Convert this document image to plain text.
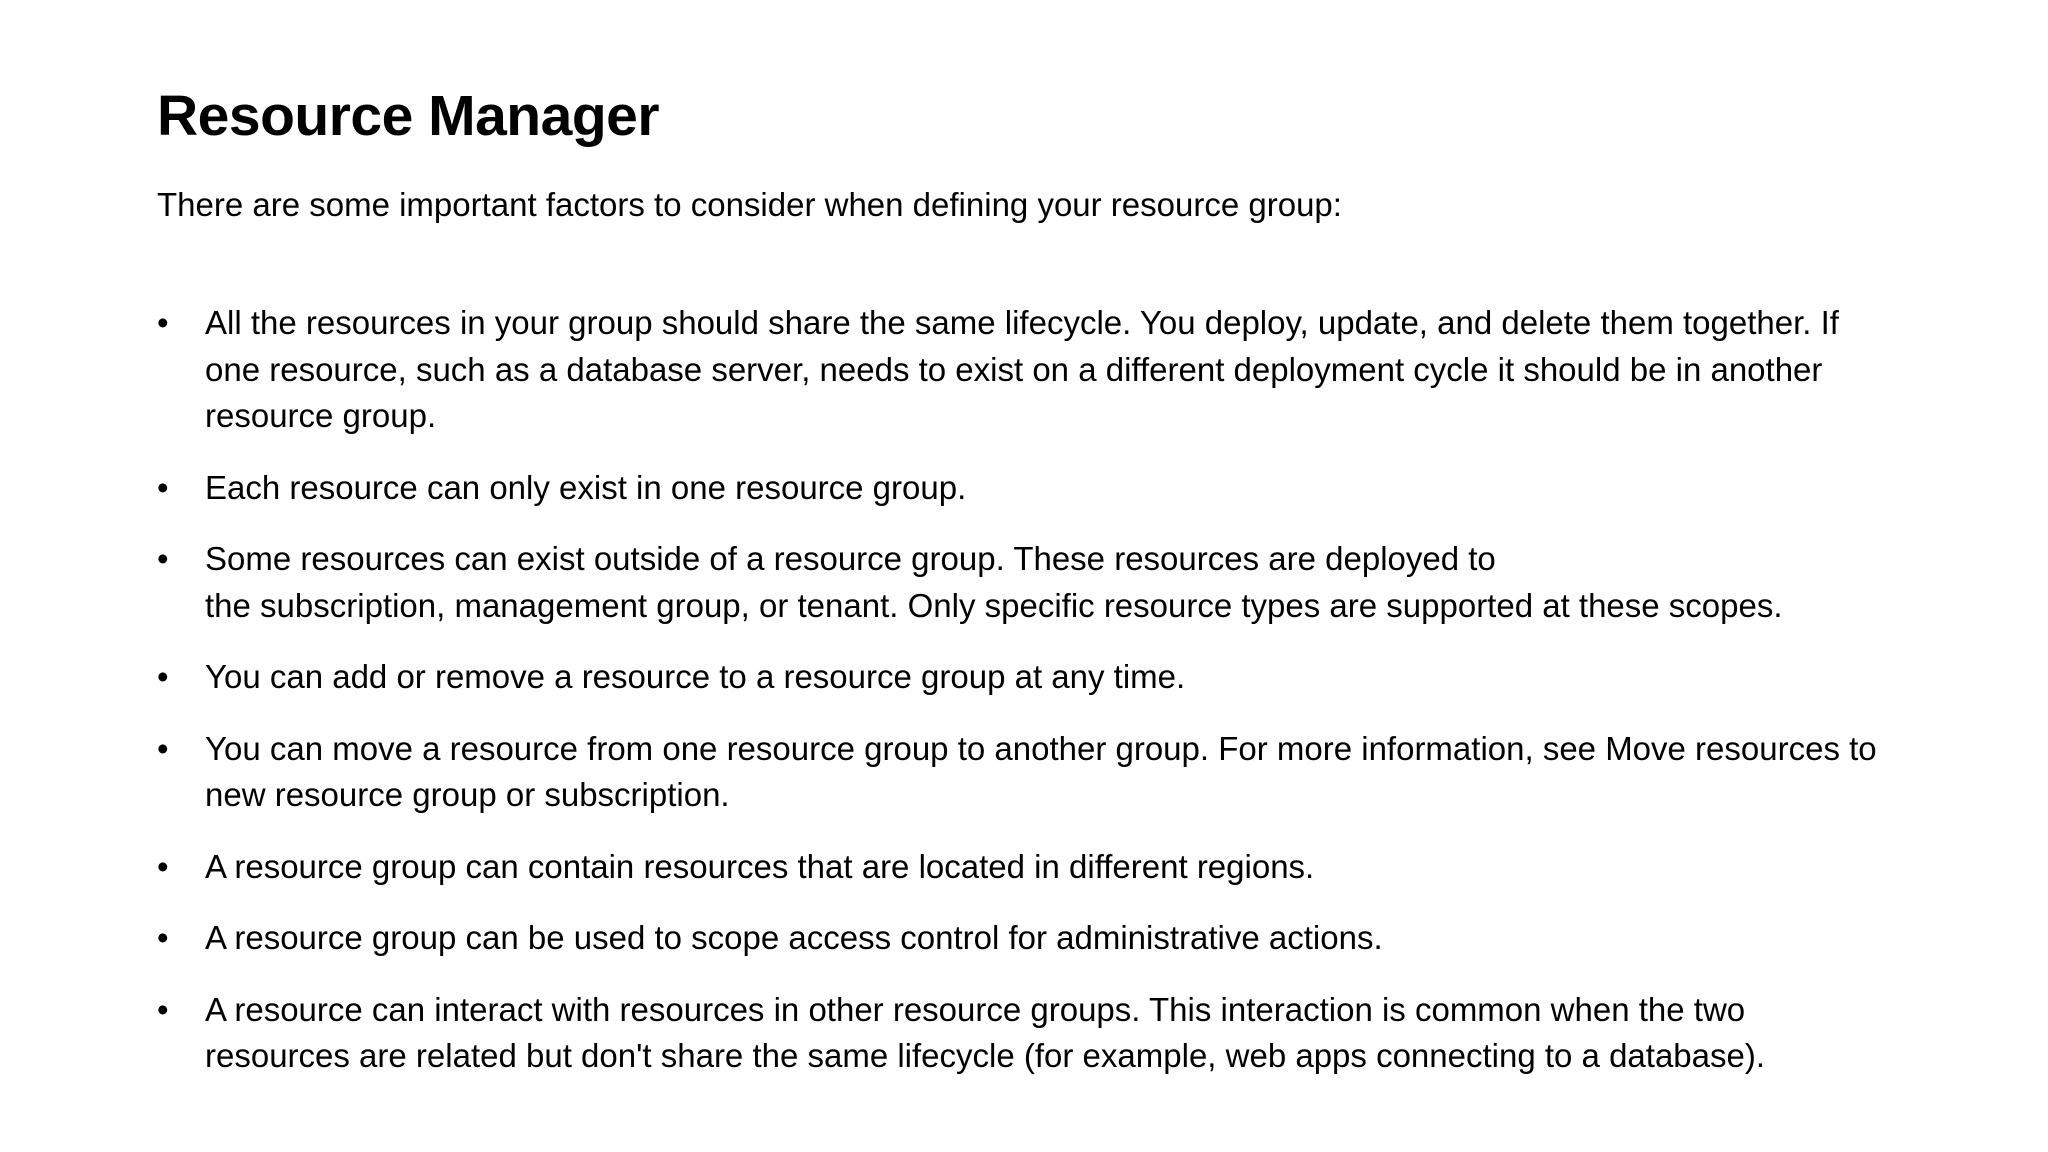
Resource Manager

There are some important factors to consider when defining your resource group:

• All the resources in your group should share the same lifecycle. You deploy, update, and delete them together. If
one resource, such as a database server, needs to exist on a different deployment cycle it should be in another
resource group.
• Each resource can only exist in one resource group.
• Some resources can exist outside of a resource group. These resources are deployed to
the subscription, management group, or tenant. Only specific resource types are supported at these scopes.
• You can add or remove a resource to a resource group at any time.
• You can move a resource from one resource group to another group. For more information, see Move resources to
new resource group or subscription.
• A resource group can contain resources that are located in different regions.
• A resource group can be used to scope access control for administrative actions.
• A resource can interact with resources in other resource groups. This interaction is common when the two
resources are related but don't share the same lifecycle (for example, web apps connecting to a database).
